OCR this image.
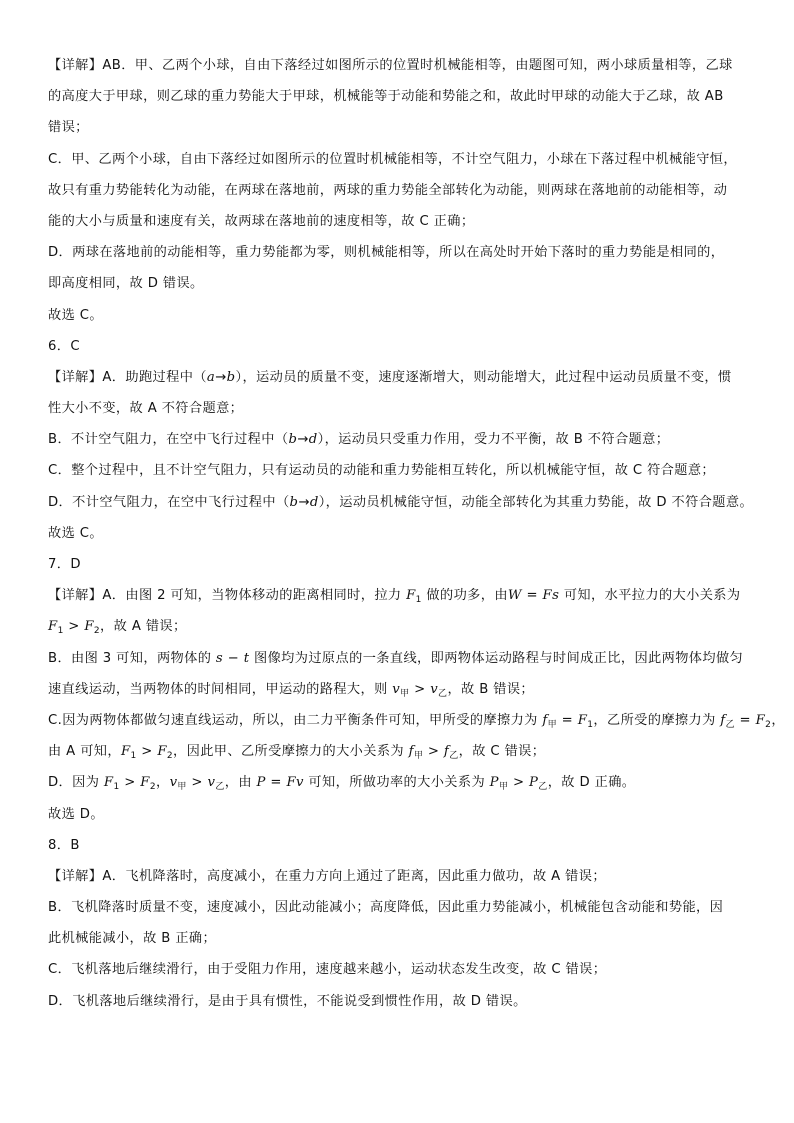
【详解】AB．甲、乙两个小球，自由下落经过如图所示的位置时机械能相等，由题图可知，两小球质量相等，乙球
的高度大于甲球，则乙球的重力势能大于甲球，机械能等于动能和势能之和，故此时甲球的动能大于乙球，故 AB
错误；
C．甲、乙两个小球，自由下落经过如图所示的位置时机械能相等，不计空气阻力，小球在下落过程中机械能守恒，
故只有重力势能转化为动能，在两球在落地前，两球的重力势能全部转化为动能，则两球在落地前的动能相等，动
能的大小与质量和速度有关，故两球在落地前的速度相等，故 C 正确；
D．两球在落地前的动能相等，重力势能都为零，则机械能相等，所以在高处时开始下落时的重力势能是相同的，
即高度相同，故 D 错误。
故选 C。
6．C
【详解】A．助跑过程中（a→b），运动员的质量不变，速度逐渐增大，则动能增大，此过程中运动员质量不变，惯
性大小不变，故 A 不符合题意；
B．不计空气阻力，在空中飞行过程中（b→d），运动员只受重力作用，受力不平衡，故 B 不符合题意；
C．整个过程中，且不计空气阻力，只有运动员的动能和重力势能相互转化，所以机械能守恒，故 C 符合题意；
D．不计空气阻力，在空中飞行过程中（b→d），运动员机械能守恒，动能全部转化为其重力势能，故 D 不符合题意。
故选 C。
7．D
【详解】A．由图 2 可知，当物体移动的距离相同时，拉力 $F_1$ 做的功多，由W = Fs 可知，水平拉力的大小关系为
$F_1 > F_2$，故 A 错误；
B．由图 3 可知，两物体的 s − t 图像均为过原点的一条直线，即两物体运动路程与时间成正比，因此两物体均做匀
速直线运动，当两物体的时间相同，甲运动的路程大，则 $v_甲 > v_乙$，故 B 错误；
C.因为两物体都做匀速直线运动，所以，由二力平衡条件可知，甲所受的摩擦力为 $f_甲 = F_1$，乙所受的摩擦力为 $f_乙 = F_2$，
由 A 可知，$F_1 > F_2$，因此甲、乙所受摩擦力的大小关系为 $f_甲 > f_乙$，故 C 错误；
D．因为 $F_1 > F_2$，$v_甲 > v_乙$，由 P = Fv 可知，所做功率的大小关系为 $P_甲 > P_乙$，故 D 正确。
故选 D。
8．B
【详解】A．飞机降落时，高度减小，在重力方向上通过了距离，因此重力做功，故 A 错误；
B．飞机降落时质量不变，速度减小，因此动能减小；高度降低，因此重力势能减小，机械能包含动能和势能，因
此机械能减小，故 B 正确；
C．飞机落地后继续滑行，由于受阻力作用，速度越来越小，运动状态发生改变，故 C 错误；
D．飞机落地后继续滑行，是由于具有惯性，不能说受到惯性作用，故 D 错误。
